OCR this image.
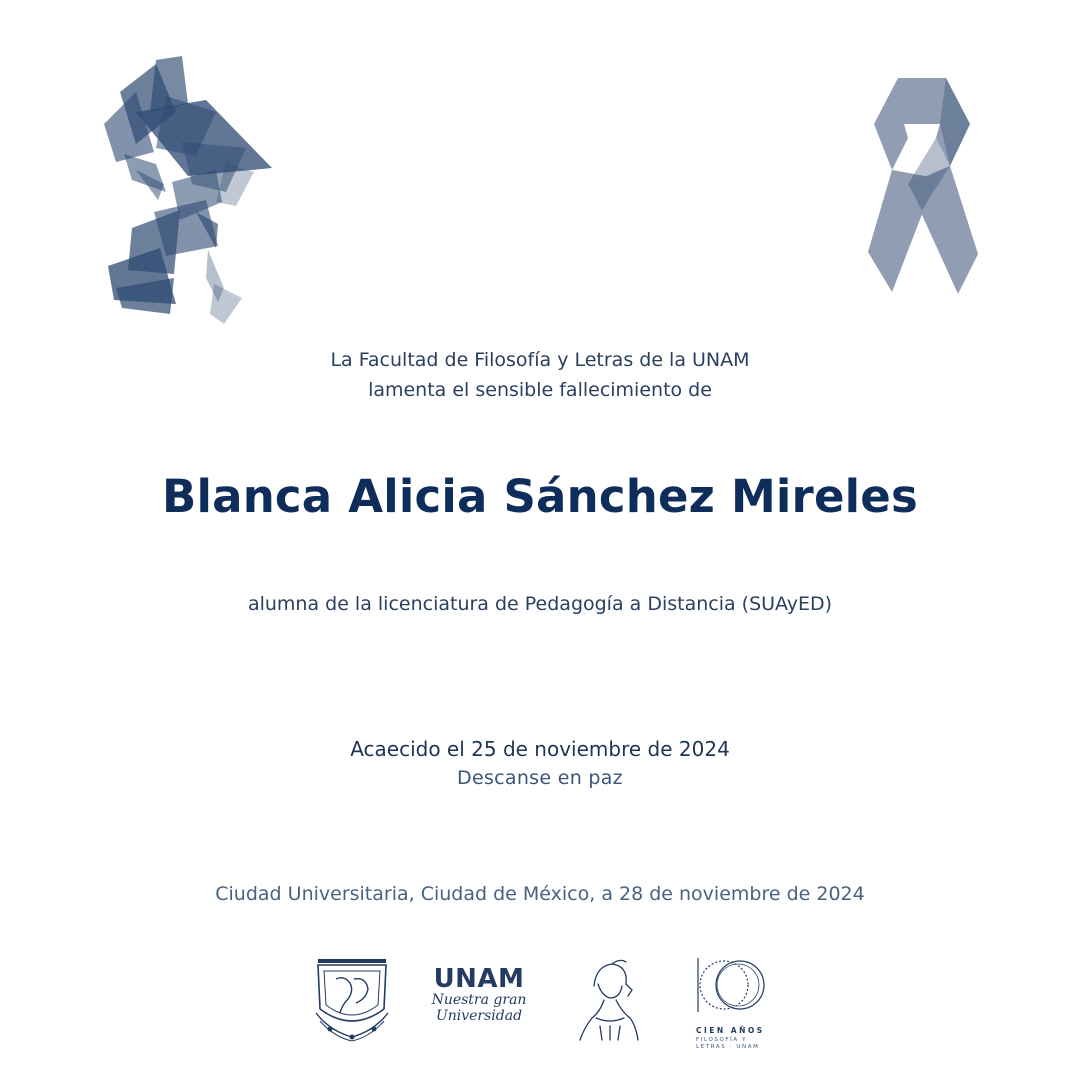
La Facultad de Filosofía y Letras de la UNAM
lamenta el sensible fallecimiento de
Blanca Alicia Sánchez Mireles
alumna de la licenciatura de Pedagogía a Distancia (SUAyED)
Acaecido el 25 de noviembre de 2024
Descanse en paz
Ciudad Universitaria, Ciudad de México, a 28 de noviembre de 2024
UNAM
Nuestra gran
Universidad
CIEN AÑOS
FILOSOFÍA Y
LETRAS · UNAM
